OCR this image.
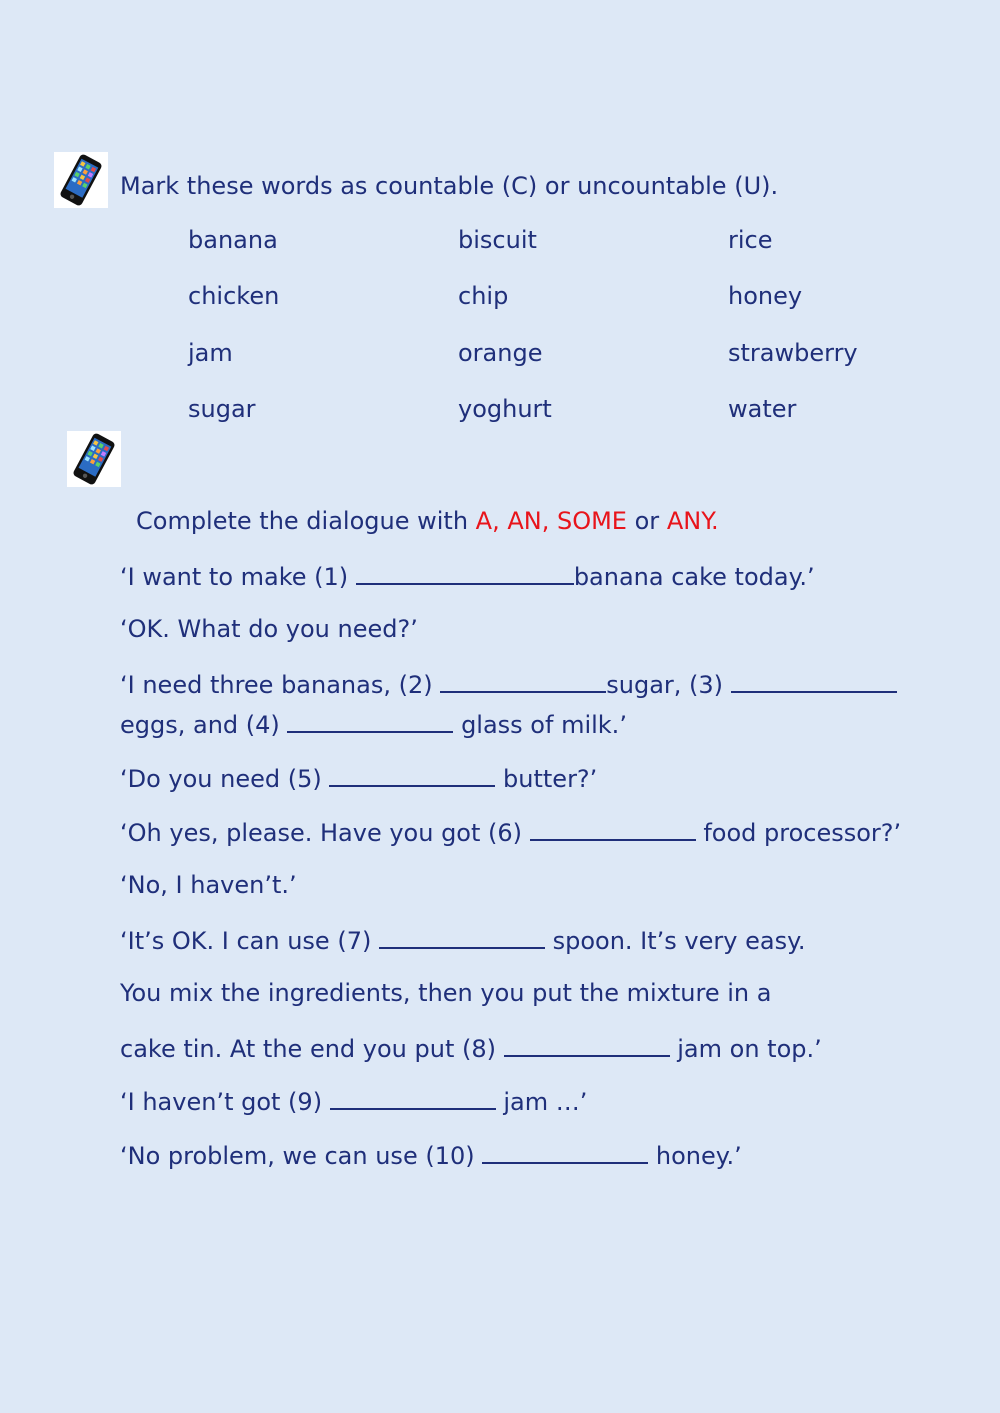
Mark these words as countable (C) or uncountable (U).
banana	biscuit	rice
chicken	chip	honey
jam	orange	strawberry
sugar	yoghurt	water
Complete the dialogue with A, AN, SOME or ANY.
‘I want to make (1)	banana cake today.’
‘OK. What do you need?’
‘I need three bananas, (2)	sugar, (3)
eggs, and (4)	glass of milk.’
‘Do you need (5)	butter?’
‘Oh yes, please. Have you got (6)	food processor?’
‘No, I haven’t.’
‘It’s OK. I can use (7)	spoon. It’s very easy.
You mix the ingredients, then you put the mixture in a
cake tin. At the end you put (8)	jam on top.’
‘I haven’t got (9)	jam …’
‘No problem, we can use (10)	honey.’
